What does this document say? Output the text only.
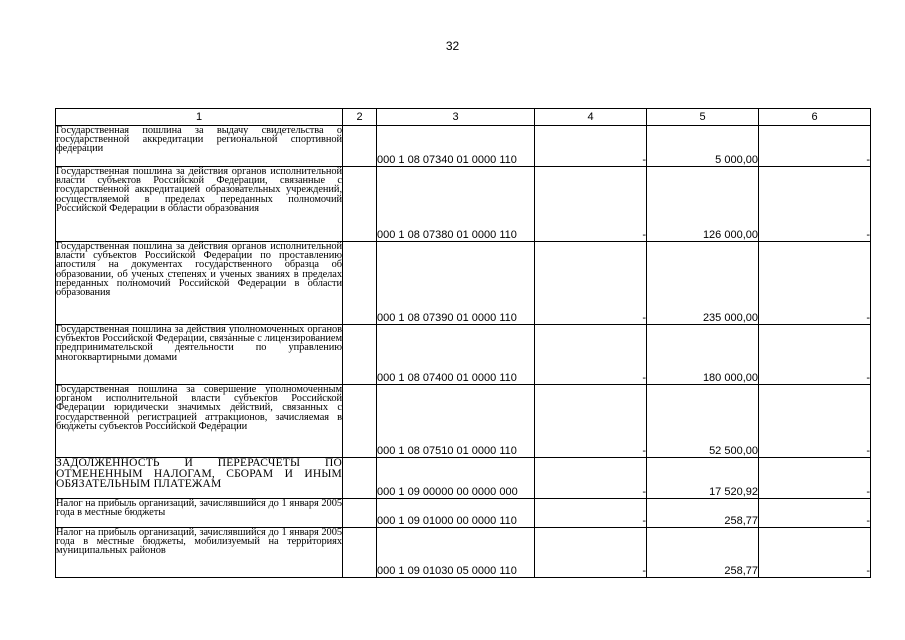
32
1	2	3	4	5	6
Государственная пошлина за выдачу свидетельства о государственной аккредитации региональной спортивной федерации		000 1 08 07340 01 0000 110	-	5 000,00	-
Государственная пошлина за действия органов исполнительной власти субъектов Российской Федерации, связанные с государственной аккредитацией образовательных учреждений, осуществляемой в пределах переданных полномочий Российской Федерации в области образования		000 1 08 07380 01 0000 110	-	126 000,00	-
Государственная пошлина за действия органов исполнительной власти субъектов Российской Федерации по проставлению апостиля на документах государственного образца об образовании, об ученых степенях и ученых званиях в пределах переданных полномочий Российской Федерации в области образования		000 1 08 07390 01 0000 110	-	235 000,00	-
Государственная пошлина за действия уполномоченных органов субъектов Российской Федерации, связанные с лицензированием предпринимательской деятельности по управлению многоквартирными домами		000 1 08 07400 01 0000 110	-	180 000,00	-
Государственная пошлина за совершение уполномоченным органом исполнительной власти субъектов Российской Федерации юридически значимых действий, связанных с государственной регистрацией аттракционов, зачисляемая в бюджеты субъектов Российской Федерации		000 1 08 07510 01 0000 110	-	52 500,00	-
ЗАДОЛЖЕННОСТЬ И ПЕРЕРАСЧЕТЫ ПО ОТМЕНЕННЫМ НАЛОГАМ, СБОРАМ И ИНЫМ ОБЯЗАТЕЛЬНЫМ ПЛАТЕЖАМ		000 1 09 00000 00 0000 000	-	17 520,92	-
Налог на прибыль организаций, зачислявшийся до 1 января 2005 года в местные бюджеты		000 1 09 01000 00 0000 110	-	258,77	-
Налог на прибыль организаций, зачислявшийся до 1 января 2005 года в местные бюджеты, мобилизуемый на территориях муниципальных районов		000 1 09 01030 05 0000 110	-	258,77	-
